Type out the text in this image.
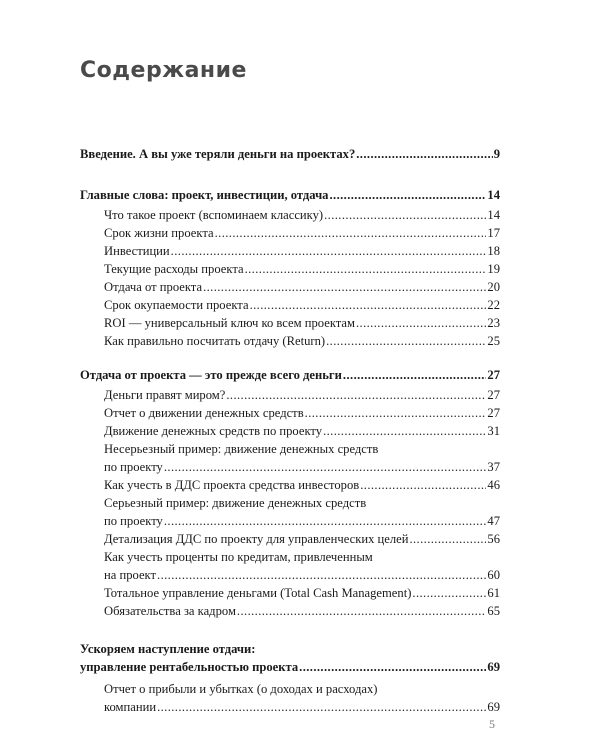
Содержание
Введение. А вы уже теряли деньги на проектах? .....	9
Главные слова: проект, инвестиции, отдача .....	14
Что такое проект (вспоминаем классику) .....	14
Срок жизни проекта .....	17
Инвестиции .....	18
Текущие расходы проекта .....	19
Отдача от проекта .....	20
Срок окупаемости проекта .....	22
ROI — универсальный ключ ко всем проектам .....	23
Как правильно посчитать отдачу (Return) .....	25
Отдача от проекта — это прежде всего деньги .....	27
Деньги правят миром? .....	27
Отчет о движении денежных средств .....	27
Движение денежных средств по проекту .....	31
Несерьезный пример: движение денежных средств
по проекту .....	37
Как учесть в ДДС проекта средства инвесторов .....	46
Серьезный пример: движение денежных средств
по проекту .....	47
Детализация ДДС по проекту для управленческих целей .....	56
Как учесть проценты по кредитам, привлеченным
на проект .....	60
Тотальное управление деньгами (Total Cash Management) .....	61
Обязательства за кадром .....	65
Ускоряем наступление отдачи:
управление рентабельностью проекта .....	69
Отчет о прибыли и убытках (о доходах и расходах)
компании .....	69
5
